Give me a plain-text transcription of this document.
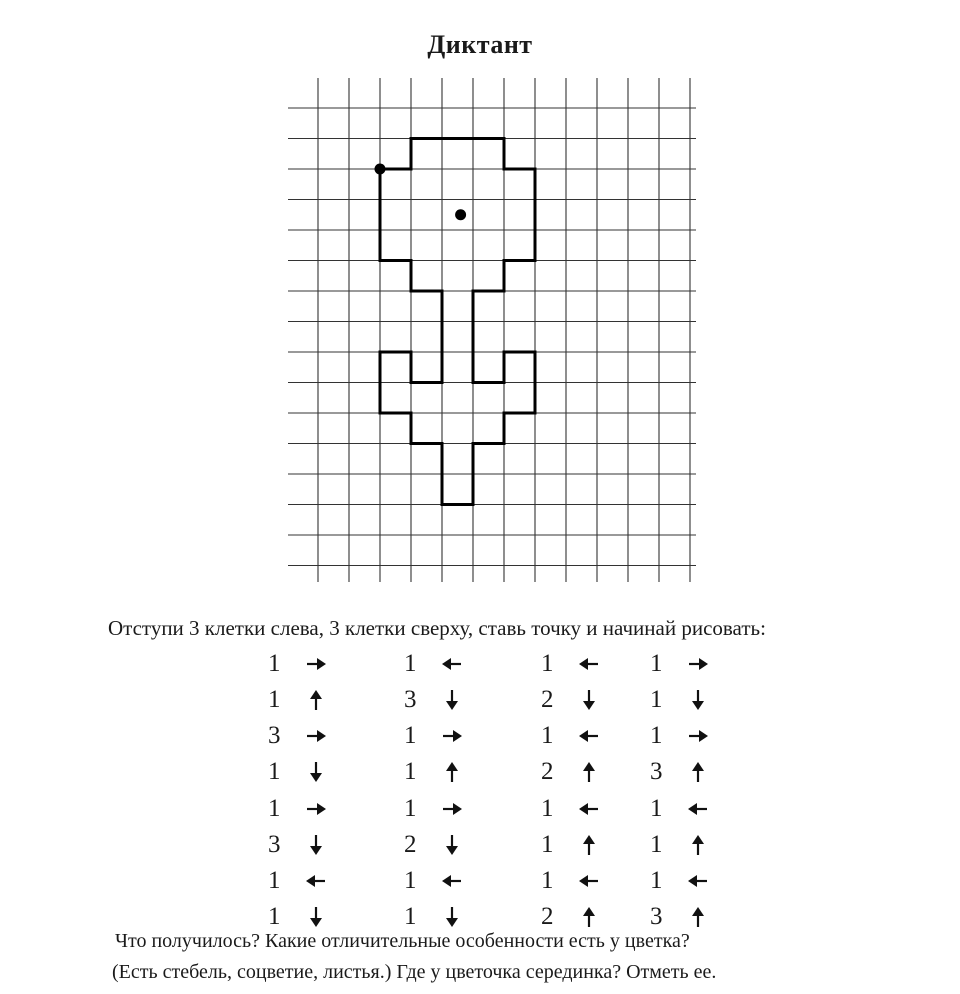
Диктант
Отступи 3 клетки слева, 3 клетки сверху, ставь точку и начинай рисовать:
1
1
3
1
1
3
1
1
1
3
1
1
1
2
1
1
1
2
1
2
1
1
1
2
1
1
1
3
1
1
1
3
Что получилось? Какие отличительные особенности есть у цветка?
(Есть стебель, соцветие, листья.) Где у цветочка серединка? Отметь ее.
